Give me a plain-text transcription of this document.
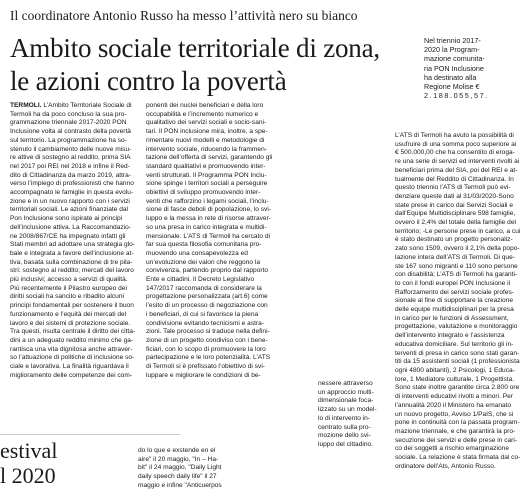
Il coordinatore Antonio Russo ha messo l’attività nero su bianco
Ambito sociale territoriale di zona,
le azioni contro la povertà
Nel triennio 2017-
2020 la Program-
mazione comunita-
ria PON Inclusione
ha destinato alla
Regione Molise €
2.188.055,57.
TERMOLI. L’Ambito Territoriale Sociale di
Termoli ha da poco concluso la sua pro-
grammazione triennale 2017-2020 PON
Inclusione volta al contrasto della povertà
sul territorio. La programmazione ha so-
stenuto il cambiamento delle nuove misu-
re attive di sostegno al reddito, prima SIA
nel 2017 poi REI nel 2018 e infine il Red-
dito di Cittadinanza da marzo 2019, attra-
verso l’impiego di professionisti che hanno
accompagnato le famiglie in questa evolu-
zione e in un nuovo rapporto con i servizi
territoriali sociali. Le azioni finanziate dal
Pon Inclusione sono ispirate ai principi
dell’inclusione attiva. La Raccomandazio-
ne 2008/867/CE ha impegnato infatti gli
Stati membri ad adottare una strategia glo-
bale e integrata a favore dell’inclusione at-
tiva, basata sulla combinazione di tre pila-
stri: sostegno al reddito; mercati del lavoro
più inclusivi; accesso a servizi di qualità.
Più recentemente il Pilastro europeo dei
diritti sociali ha sancito e ribadito alcuni
principi fondamentali per sostenere il buon
funzionamento e l’equità dei mercati del
lavoro e dei sistemi di protezione sociale.
Tra questi, risulta centrale il diritto dei citta-
dini a un adeguato reddito minimo che ga-
rantisca una vita dignitosa anche attraver-
so l’attuazione di politiche di inclusione so-
ciale e lavorativa. La finalità riguardava il
miglioramento delle competenze dei com-
ponenti dei nuclei beneficiari e della loro
occupabilità e l’incremento numerico e
qualitativo dei servizi sociali e socio-sani-
tari. Il PON inclusione mira, inoltre, a spe-
rimentare nuovi modelli e metodologie di
intervento sociale, riducendo la frammen-
tazione dell’offerta di servizi, garantendo gli
standard qualitativi e promuovendo inter-
venti strutturati. Il Programma PON Inclu-
sione spinge i territori sociali a perseguire
obiettivi di sviluppo promuovendo inter-
venti che rafforzino i legami sociali, l’inclu-
sione di fasce deboli di popolazione, lo svi-
luppo e la messa in rete di risorse attraver-
so una presa in carico integrata e multidi-
mensionale. L’ATS di Termoli ha cercato di
far sua questa filosofia comunitaria pro-
muovendo una consapevolezza ed
un’evoluzione dei valori che reggono la
convivenza, partendo proprio dal rapporto
Ente e cittadini. Il Decreto Legislativo
147/2017 raccomanda di considerare la
progettazione personalizzata (art.6) come
l’esito di un processo di negoziazione con
i beneficiari, di cui si favorisce la piena
condivisione evitando tecnicismi e astra-
zioni. Tale processo si traduce nella defini-
zione di un progetto condiviso con i bene-
ficiari, con lo scopo di promuovere la loro
partecipazione e le loro potenzialità. L’ATS
di Termoli si è prefissato l’obiettivo di svi-
luppare e migliorare le condizioni di be-
nessere attraverso
un approccio multi-
dimensionale foca-
lizzato su un model-
lo di intervento in-
centrato sulla pro-
mozione dello svi-
luppo del cittadino.
L’ATS di Termoli ha avuto la possibilità di
usufruire di una somma poco superiore ai
€ 500.000,00 che ha consentito di eroga-
re una serie di servizi ed interventi rivolti ai
beneficiari prima del SIA, poi del REI e at-
tualmente del Reddito di Cittadinanza. In
questo triennio l’ATS di Termoli può evi-
denziare queste dati al 31/03/2020-Sono
state prese in carico dai Servizi Sociali e
dall’Equipe Multidisciplinare 598 famiglie,
ovvero il 2,4% del totale della famiglie del
territorio; -Le persone prese in carico, a cui
è stato destinato un progetto personaliz-
zato sono 1509, ovvero il 2,1% della popo-
lazione intera dell’ATS di Termoli. Di que-
ste 167 sono migranti e 110 sono persone
con disabilità; L’ATS di Termoli ha garanti-
to con il fondi europei PON Inclusione il
Rafforzamento dei servizi sociale profes-
sionale al fine di supportare la creazione
delle equipe multidisciplinari per la presa
in carico per le funzioni di Assessment,
progettazione, valutazione e monitoraggio
dell’intervento integrato e l’assistenza
educativa domiciliare. Sul territorio gli in-
terventi di presa in carico sono stati garan-
titi da 15 assistenti sociali (1 professionista
ogni 4800 abitanti), 2 Psicologi, 1 Educa-
tore, 1 Mediatore culturale, 1 Progettista.
Sono state inoltre garantite circa 2.800 ore
di interventi educativi rivolti a minori. Per
l’annualità 2020 il Ministero ha emanato
un nuovo progetto, Avviso 1/PaIS, che si
pone in continuità con la passata program-
mazione triennale, e che garantirà la pro-
secuzione dei servizi e delle prese in cari-
co dei soggetti a rischio emarginazione
sociale. La relazione è stata firmata dal co-
ordinatore dell’Ats, Antonio Russo.
estival
l 2020
do lo que e exstende en el
aire" il 20 maggio, "In – Ha-
bit" il 24 maggio, "Daily Light
daily speech daily life" il 27
maggio e infine "Anticuerpos
